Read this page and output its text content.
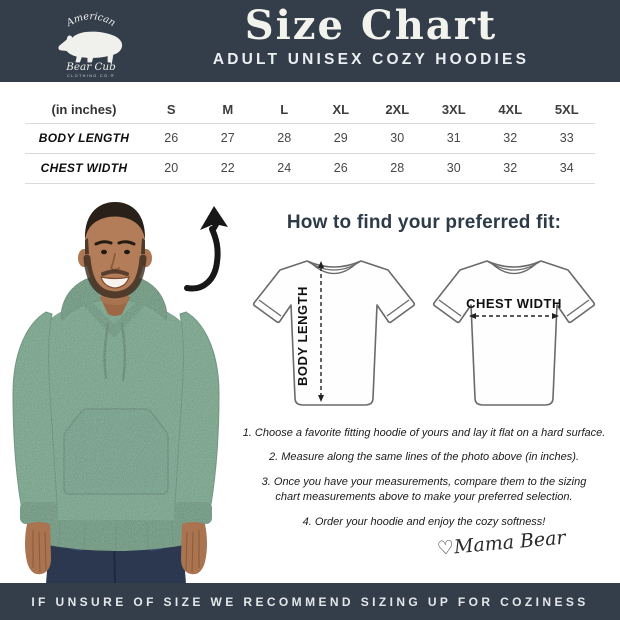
American
Bear Cub
CLOTHING CO.®
Size Chart
ADULT UNISEX COZY HOODIES
(in inches)	S	M	L	XL	2XL	3XL	4XL	5XL
BODY LENGTH	26	27	28	29	30	31	32	33
CHEST WIDTH	20	22	24	26	28	30	32	34
How to find your preferred fit:
BODY LENGTH	CHEST WIDTH

1. Choose a favorite fitting hoodie of yours and lay it flat on a hard surface.

2. Measure along the same lines of the photo above (in inches).

3. Once you have your measurements, compare them to the sizing chart measurements above to make your preferred selection.

4. Order your hoodie and enjoy the cozy softness!

♡Mama Bear
IF UNSURE OF SIZE WE RECOMMEND SIZING UP FOR COZINESS
